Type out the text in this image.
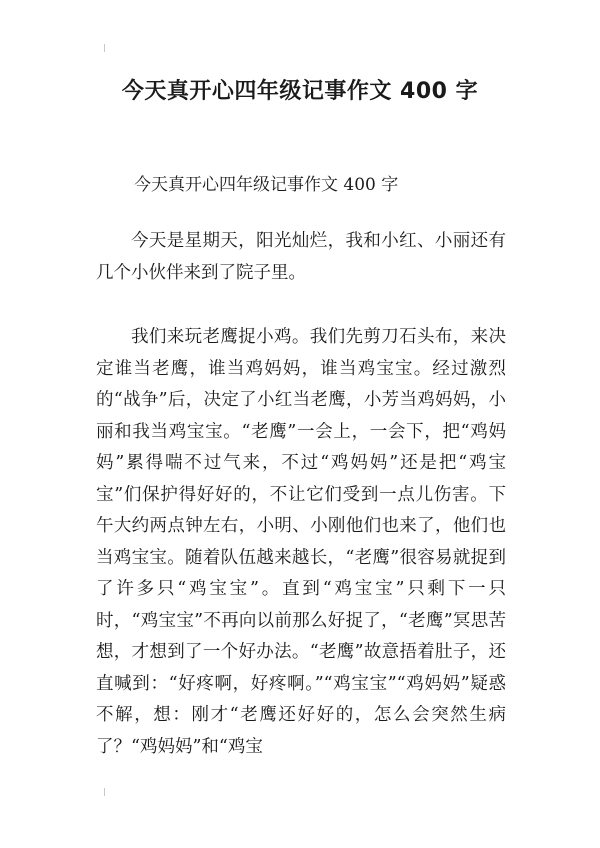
今天真开心四年级记事作文 400 字
今天真开心四年级记事作文 400 字

今天是星期天，阳光灿烂，我和小红、小丽还有几个小伙伴来到了院子里。

我们来玩老鹰捉小鸡。我们先剪刀石头布，来决定谁当老鹰，谁当鸡妈妈，谁当鸡宝宝。经过激烈的“战争”后，决定了小红当老鹰，小芳当鸡妈妈，小丽和我当鸡宝宝。“老鹰”一会上，一会下，把“鸡妈妈”累得喘不过气来，不过“鸡妈妈”还是把“鸡宝宝”们保护得好好的，不让它们受到一点儿伤害。下午大约两点钟左右，小明、小刚他们也来了，他们也当鸡宝宝。随着队伍越来越长，“老鹰”很容易就捉到了许多只“鸡宝宝”。直到“鸡宝宝”只剩下一只时，“鸡宝宝”不再向以前那么好捉了，“老鹰”冥思苦想，才想到了一个好办法。“老鹰”故意捂着肚子，还直喊到：“好疼啊，好疼啊。”“鸡宝宝”“鸡妈妈”疑惑不解，想：刚才“老鹰还好好的，怎么会突然生病了？“鸡妈妈”和“鸡宝
